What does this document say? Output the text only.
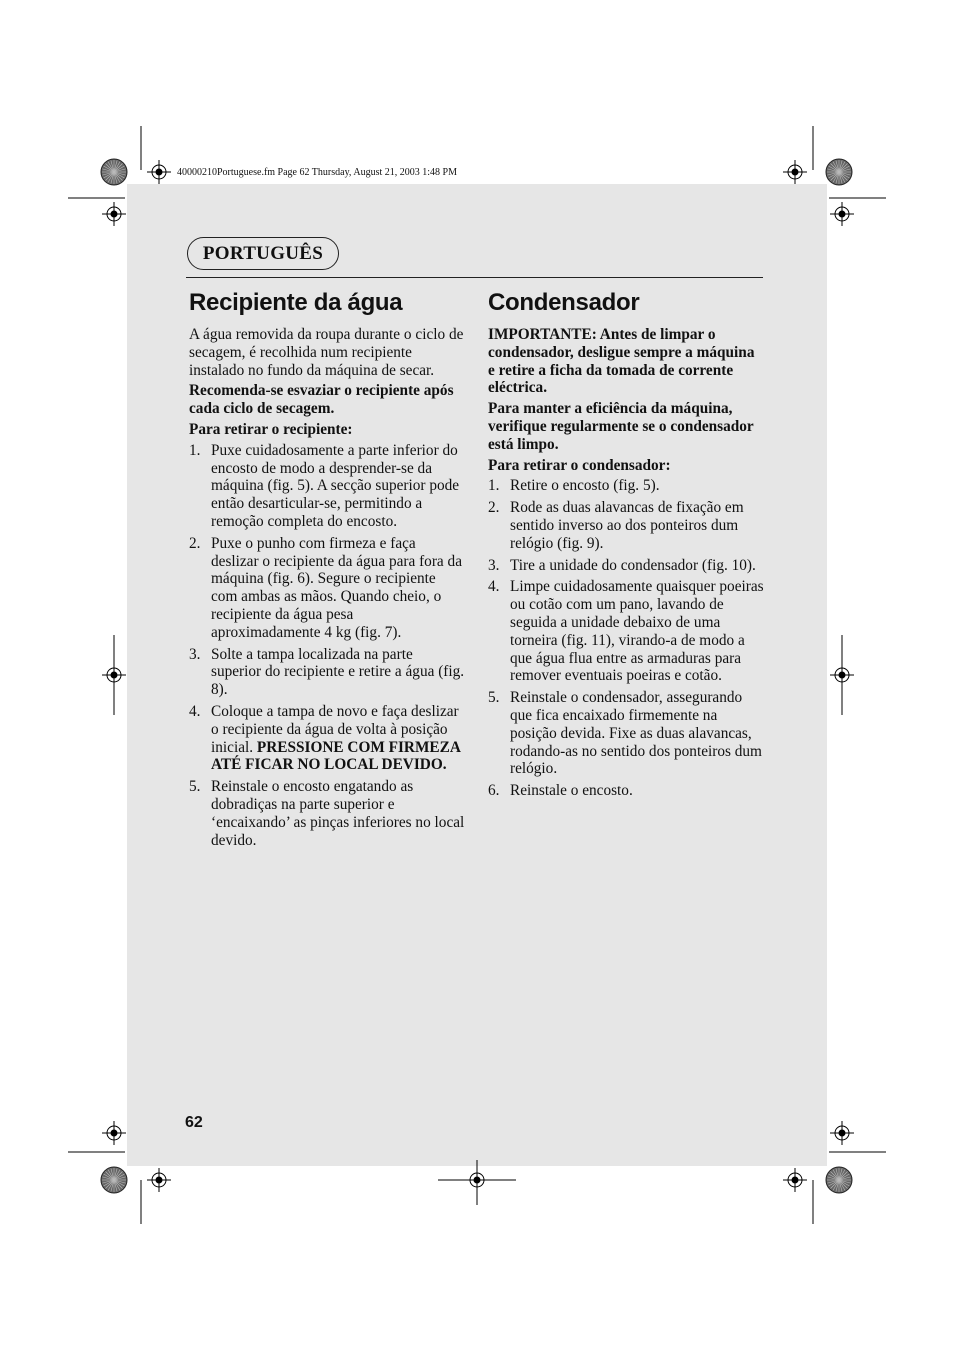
40000210Portuguese.fm Page 62 Thursday, August 21, 2003 1:48 PM
PORTUGUÊS
Recipiente da água

A água removida da roupa durante o ciclo de secagem, é recolhida num recipiente instalado no fundo da máquina de secar.

Recomenda-se esvaziar o recipiente após cada ciclo de secagem.

Para retirar o recipiente:

1. Puxe cuidadosamente a parte inferior do encosto de modo a desprender-se da máquina (fig. 5). A secção superior pode então desarticular-se, permitindo a remoção completa do encosto.
2. Puxe o punho com firmeza e faça deslizar o recipiente da água para fora da máquina (fig. 6). Segure o recipiente com ambas as mãos. Quando cheio, o recipiente da água pesa aproximadamente 4 kg (fig. 7).
3. Solte a tampa localizada na parte superior do recipiente e retire a água (fig. 8).
4. Coloque a tampa de novo e faça deslizar o recipiente da água de volta à posição inicial. PRESSIONE COM FIRMEZA ATÉ FICAR NO LOCAL DEVIDO.
5. Reinstale o encosto engatando as dobradiças na parte superior e ‘encaixando’ as pinças inferiores no local devido.
Condensador

IMPORTANTE: Antes de limpar o condensador, desligue sempre a máquina e retire a ficha da tomada de corrente eléctrica.

Para manter a eficiência da máquina, verifique regularmente se o condensador está limpo.

Para retirar o condensador:

1. Retire o encosto (fig. 5).
2. Rode as duas alavancas de fixação em sentido inverso ao dos ponteiros dum relógio (fig. 9).
3. Tire a unidade do condensador (fig. 10).
4. Limpe cuidadosamente quaisquer poeiras ou cotão com um pano, lavando de seguida a unidade debaixo de uma torneira (fig. 11), virando-a de modo a que água flua entre as armaduras para remover eventuais poeiras e cotão.
5. Reinstale o condensador, assegurando que fica encaixado firmemente na posição devida. Fixe as duas alavancas, rodando-as no sentido dos ponteiros dum relógio.
6. Reinstale o encosto.
62
